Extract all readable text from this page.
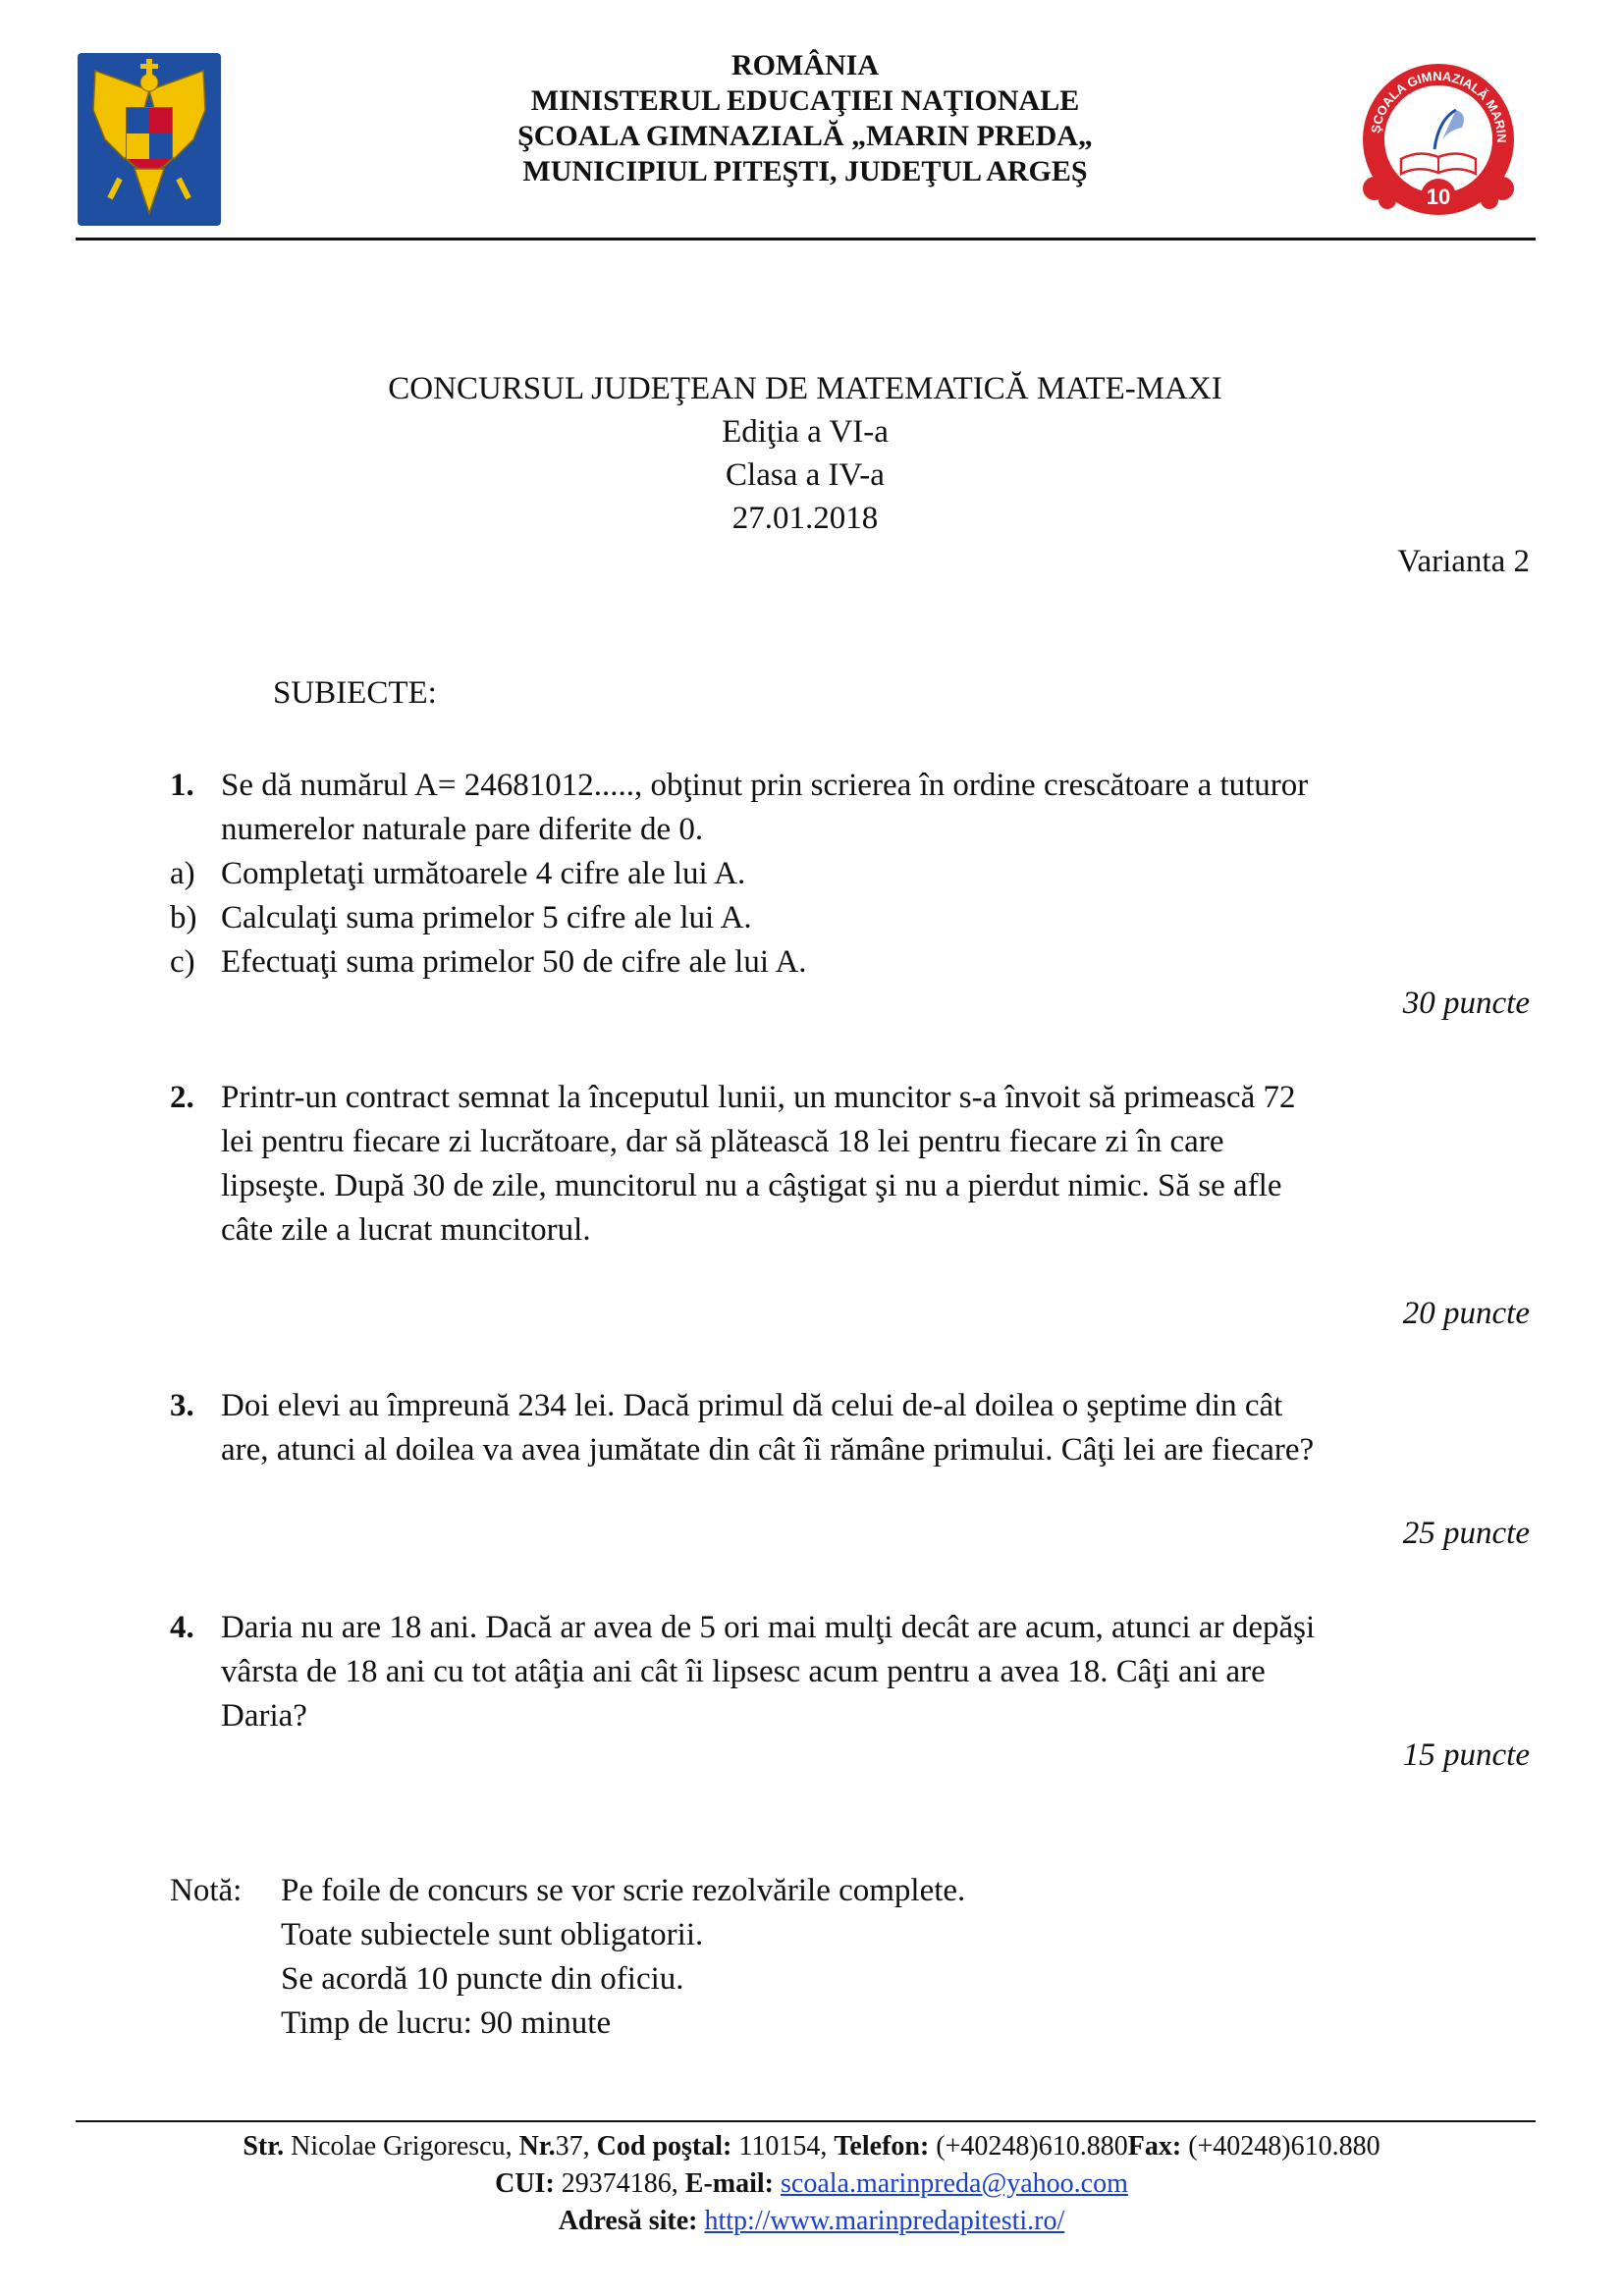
ROMÂNIA
MINISTERUL EDUCAŢIEI NAŢIONALE
ŞCOALA GIMNAZIALĂ „MARIN PREDA„
MUNICIPIUL PITEŞTI, JUDEŢUL ARGEŞ
ŞCOALA GIMNAZIALĂ MARIN
10
CONCURSUL JUDEŢEAN DE MATEMATICĂ MATE-MAXI
Ediţia a VI-a
Clasa a IV-a
27.01.2018
Varianta 2
SUBIECTE:
1. Se dă numărul A= 24681012....., obţinut prin scrierea în ordine crescătoare a tuturor
numerelor naturale pare diferite de 0.
a) Completaţi următoarele 4 cifre ale lui A.
b) Calculaţi suma primelor 5 cifre ale lui A.
c) Efectuaţi suma primelor 50 de cifre ale lui A.
30 puncte
2. Printr-un contract semnat la începutul lunii, un muncitor s-a învoit să primească 72
lei pentru fiecare zi lucrătoare, dar să plătească 18 lei pentru fiecare zi în care
lipseşte. După 30 de zile, muncitorul nu a câştigat şi nu a pierdut nimic. Să se afle
câte zile a lucrat muncitorul.
20 puncte
3. Doi elevi au împreună 234 lei. Dacă primul dă celui de-al doilea o şeptime din cât
are, atunci al doilea va avea jumătate din cât îi rămâne primului. Câţi lei are fiecare?
25 puncte
4. Daria nu are 18 ani. Dacă ar avea de 5 ori mai mulţi decât are acum, atunci ar depăşi
vârsta de 18 ani cu tot atâţia ani cât îi lipsesc acum pentru a avea 18. Câţi ani are
Daria?
15 puncte
Notă: Pe foile de concurs se vor scrie rezolvările complete.
Toate subiectele sunt obligatorii.
Se acordă 10 puncte din oficiu.
Timp de lucru: 90 minute
Str. Nicolae Grigorescu, Nr.37, Cod poştal: 110154, Telefon: (+40248)610.880Fax: (+40248)610.880
CUI: 29374186, E-mail: scoala.marinpreda@yahoo.com
Adresă site: http://www.marinpredapitesti.ro/
